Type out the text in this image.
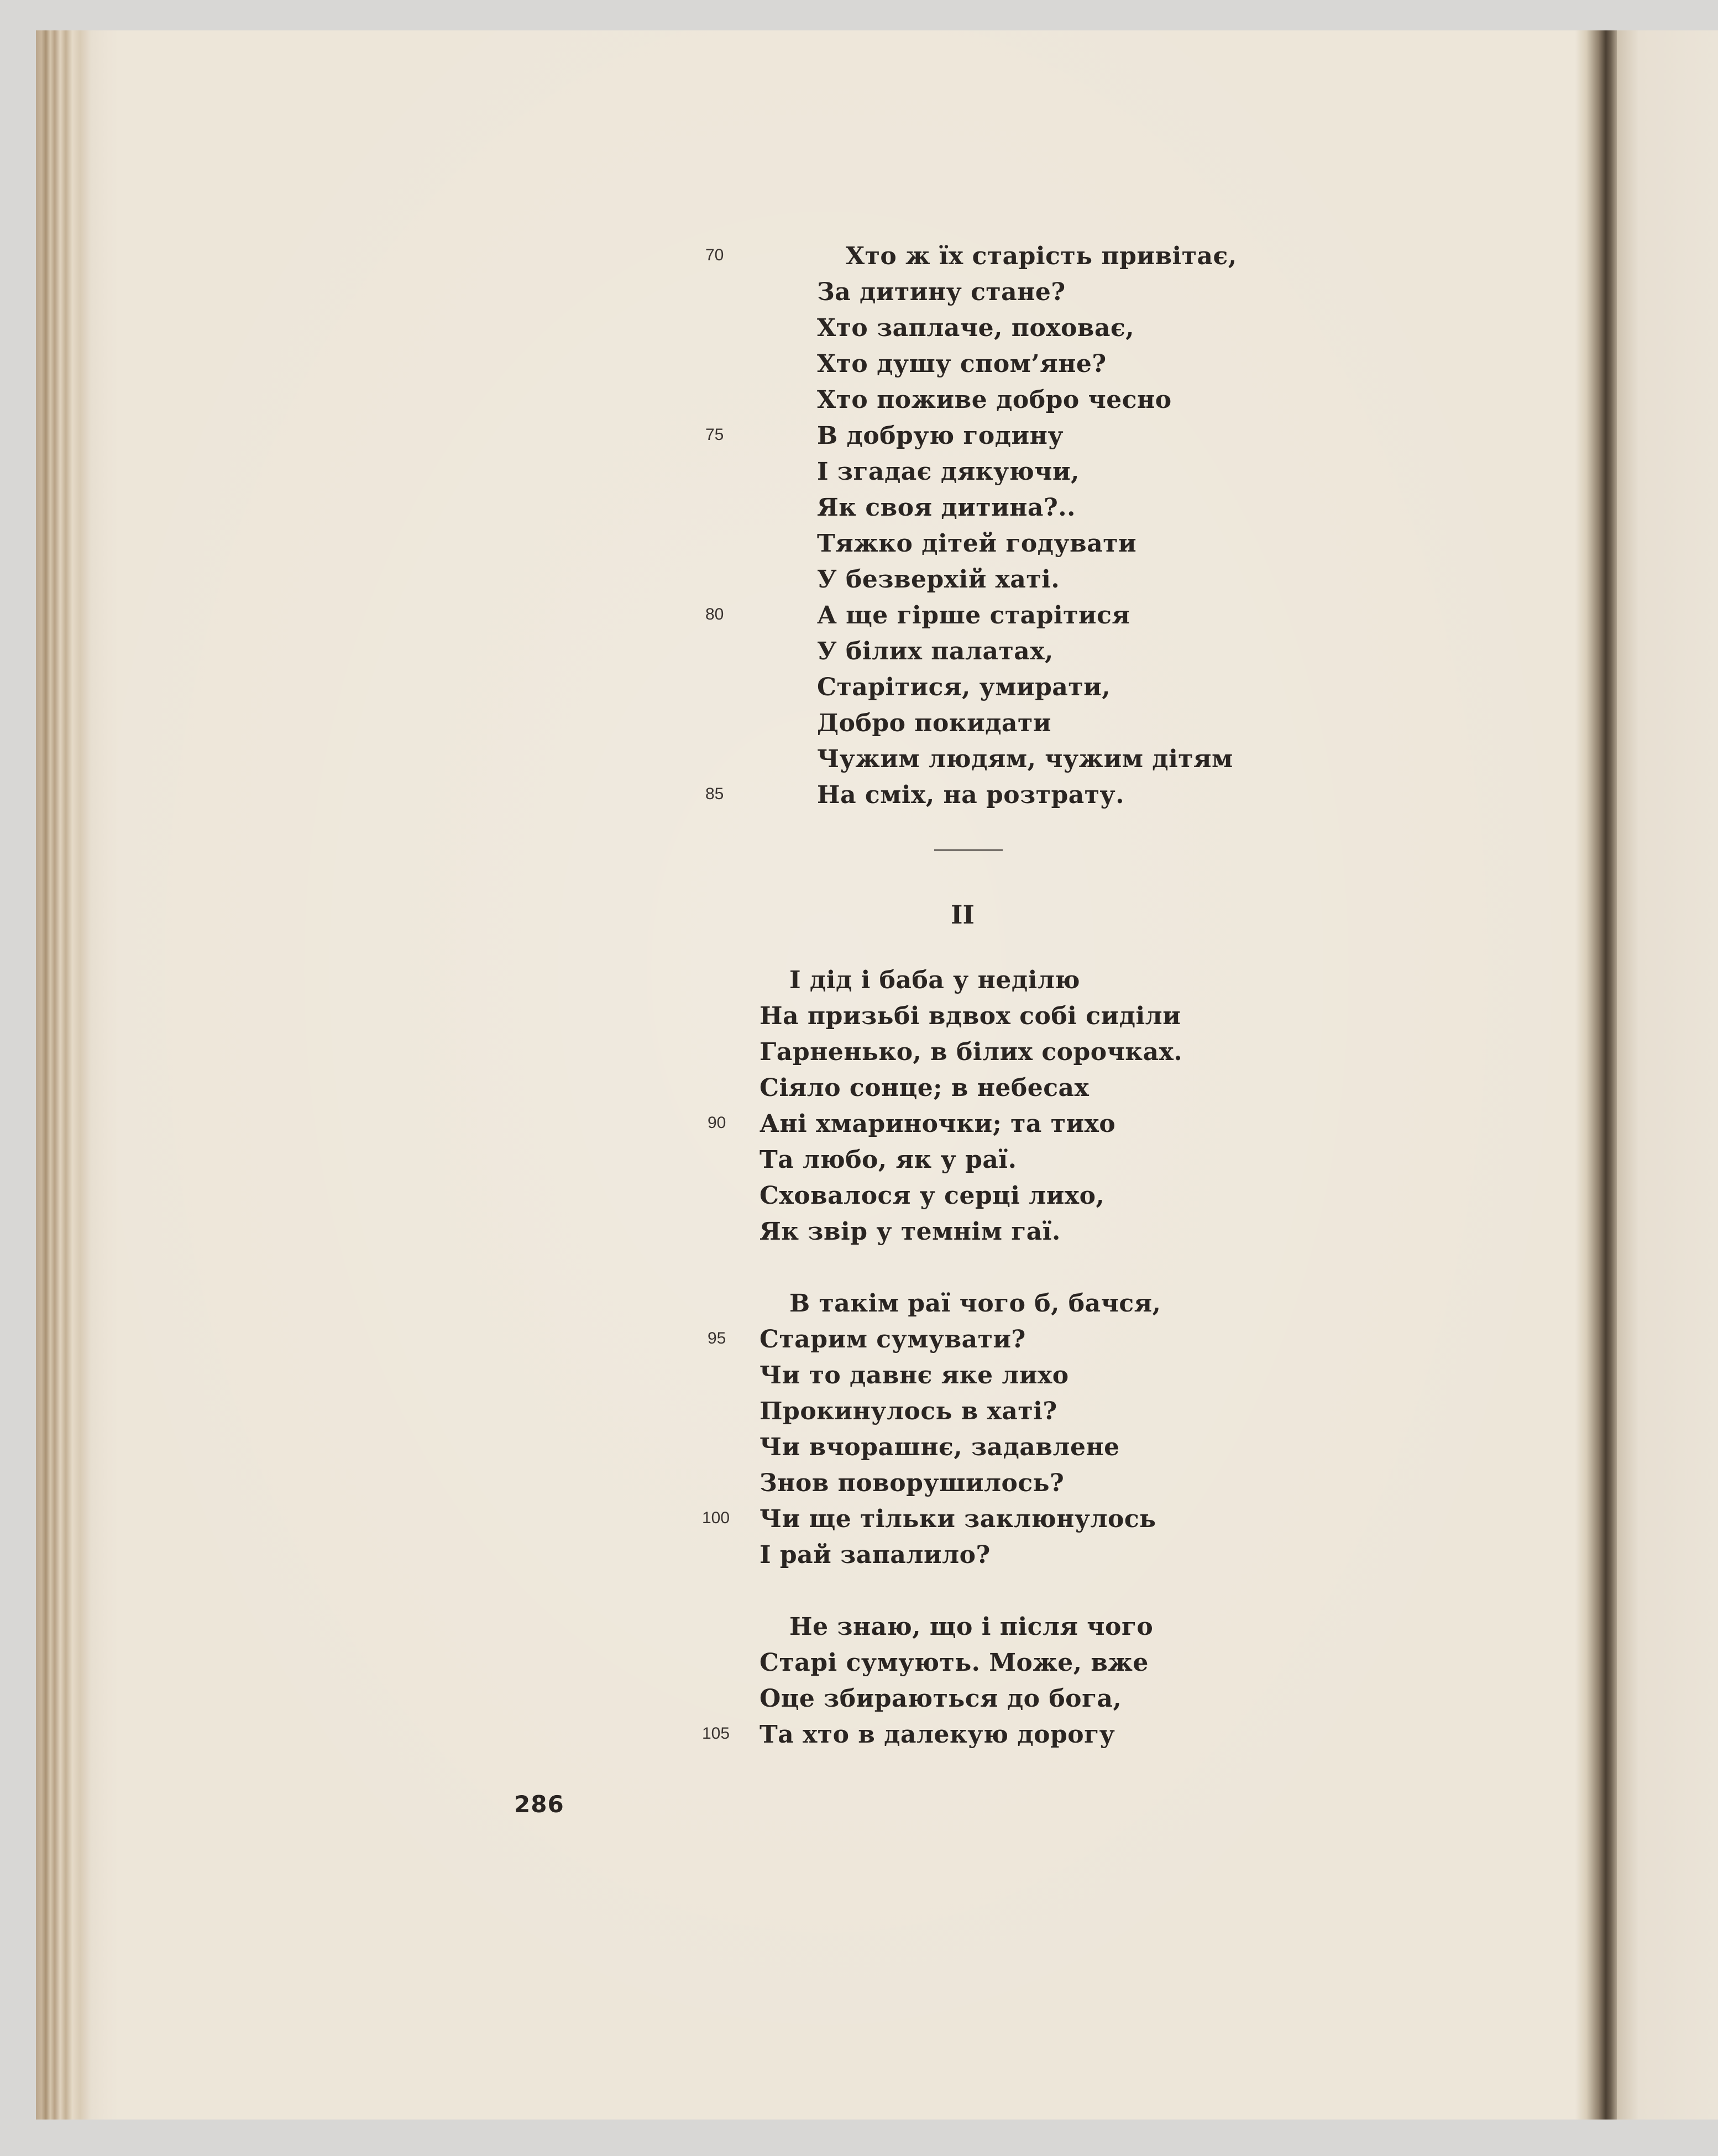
Хто ж їх старість привітає,
За дитину стане?
Хто заплаче, поховає,
Хто душу спом’яне?
Хто поживе добро чесно
В добрую годину
І згадає дякуючи,
Як своя дитина?..
Тяжко дітей годувати
У безверхій хаті.
А ще гірше старітися
У білих палатах,
Старітися, умирати,
Добро покидати
Чужим людям, чужим дітям
На сміх, на розтрату.
70
75
80
85
II
І дід і баба у неділю
На призьбі вдвох собі сиділи
Гарненько, в білих сорочках.
Сіяло сонце; в небесах
Ані хмариночки; та тихо
Та любо, як у раї.
Сховалося у серці лихо,
Як звір у темнім гаї.
В такім раї чого б, бачся,
Старим сумувати?
Чи то давнє яке лихо
Прокинулось в хаті?
Чи вчорашнє, задавлене
Знов поворушилось?
Чи ще тільки заклюнулось
І рай запалило?
Не знаю, що і після чого
Старі сумують. Може, вже
Оце збираються до бога,
Та хто в далекую дорогу
90
95
100
105
286
